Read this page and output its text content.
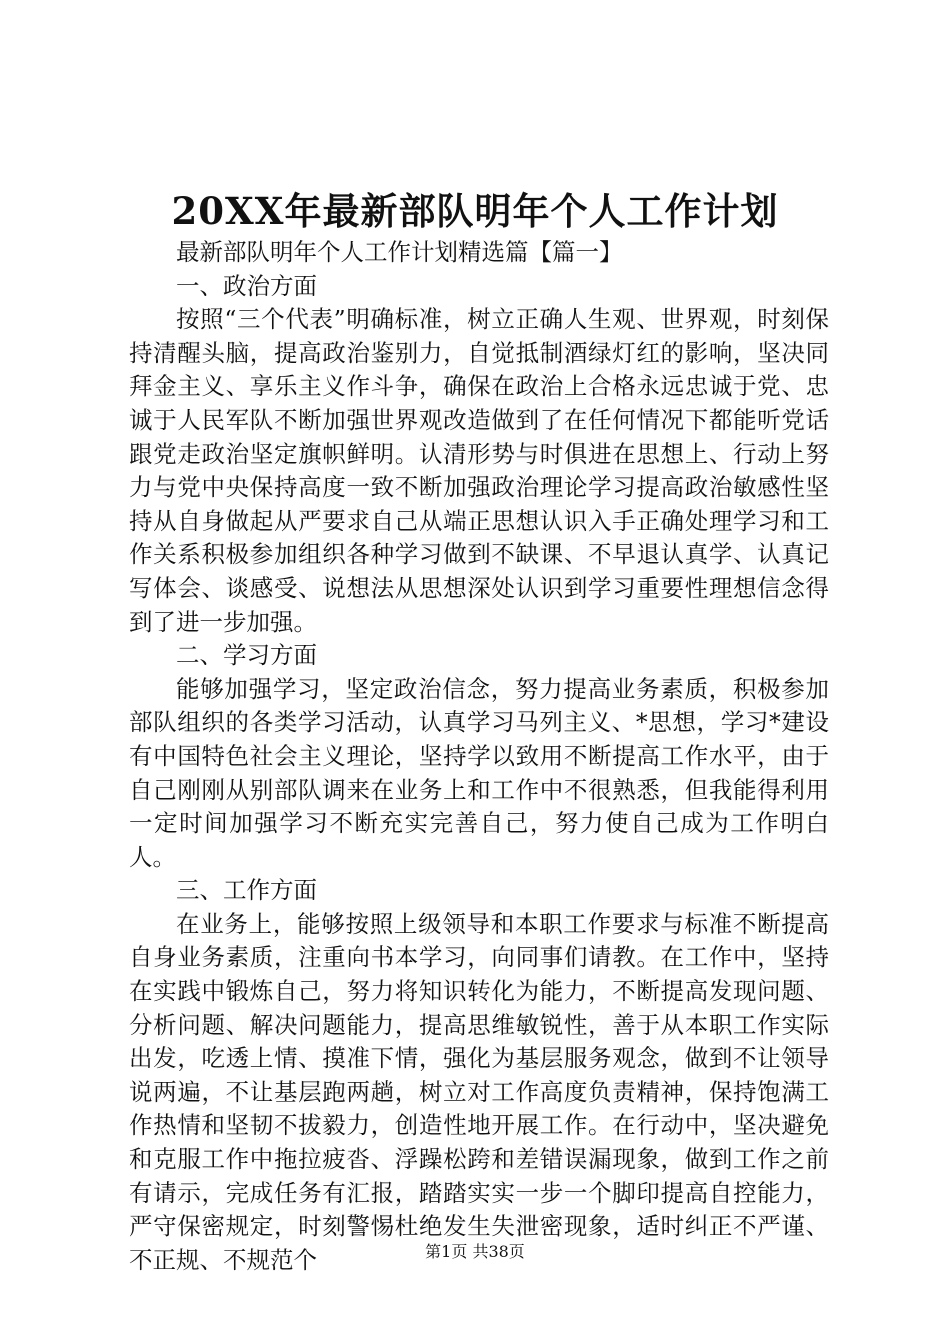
20XX年最新部队明年个人工作计划

最新部队明年个人工作计划精选篇【篇一】

一、政治方面

按照“三个代表”明确标准，树立正确人生观、世界观，时刻保持清醒头脑，提高政治鉴别力，自觉抵制酒绿灯红的影响，坚决同拜金主义、享乐主义作斗争，确保在政治上合格永远忠诚于党、忠诚于人民军队不断加强世界观改造做到了在任何情况下都能听党话跟党走政治坚定旗帜鲜明。认清形势与时俱进在思想上、行动上努力与党中央保持高度一致不断加强政治理论学习提高政治敏感性坚持从自身做起从严要求自己从端正思想认识入手正确处理学习和工作关系积极参加组织各种学习做到不缺课、不早退认真学、认真记写体会、谈感受、说想法从思想深处认识到学习重要性理想信念得到了进一步加强。

二、学习方面

能够加强学习，坚定政治信念，努力提高业务素质，积极参加部队组织的各类学习活动，认真学习马列主义、*思想，学习*建设有中国特色社会主义理论，坚持学以致用不断提高工作水平，由于自己刚刚从别部队调来在业务上和工作中不很熟悉，但我能得利用一定时间加强学习不断充实完善自己，努力使自己成为工作明白人。

三、工作方面

在业务上，能够按照上级领导和本职工作要求与标准不断提高自身业务素质，注重向书本学习，向同事们请教。在工作中，坚持在实践中锻炼自己，努力将知识转化为能力，不断提高发现问题、分析问题、解决问题能力，提高思维敏锐性，善于从本职工作实际出发，吃透上情、摸准下情，强化为基层服务观念，做到不让领导说两遍，不让基层跑两趟，树立对工作高度负责精神，保持饱满工作热情和坚韧不拔毅力，创造性地开展工作。在行动中，坚决避免和克服工作中拖拉疲沓、浮躁松跨和差错误漏现象，做到工作之前有请示，完成任务有汇报，踏踏实实一步一个脚印提高自控能力，严守保密规定，时刻警惕杜绝发生失泄密现象，适时纠正不严谨、不正规、不规范个	第1页 共38页
